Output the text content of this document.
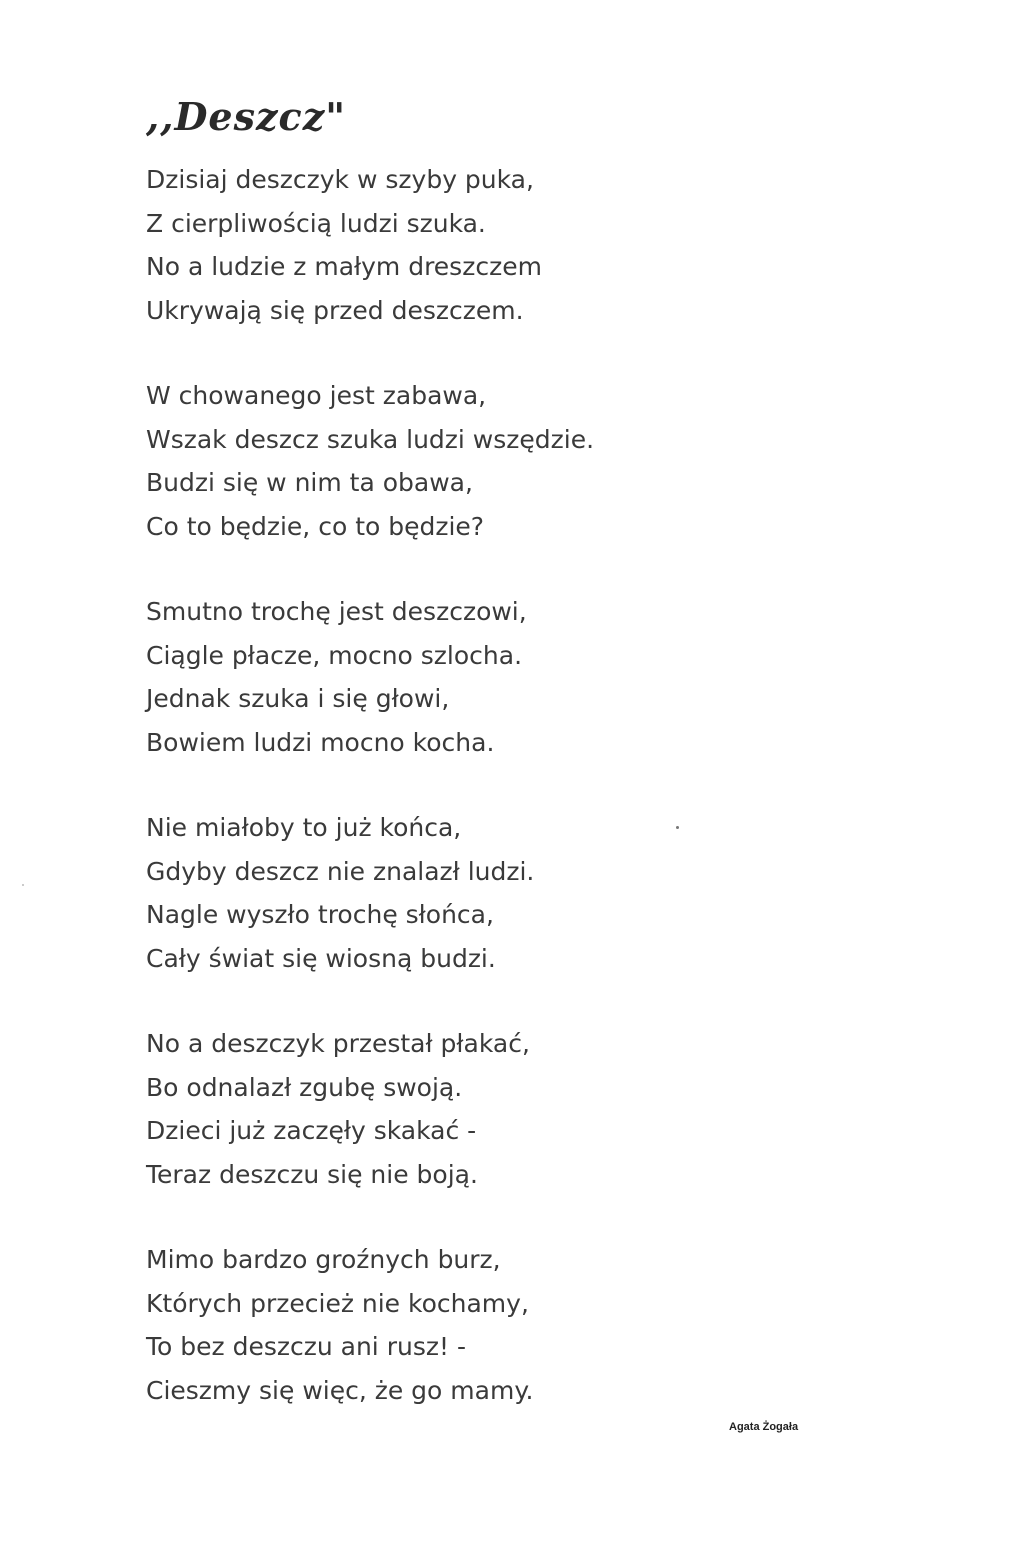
,,Deszcz"
Dzisiaj deszczyk w szyby puka,
Z cierpliwością ludzi szuka.
No a ludzie z małym dreszczem
Ukrywają się przed deszczem.
W chowanego jest zabawa,
Wszak deszcz szuka ludzi wszędzie.
Budzi się w nim ta obawa,
Co to będzie, co to będzie?
Smutno trochę jest deszczowi,
Ciągle płacze, mocno szlocha.
Jednak szuka i się głowi,
Bowiem ludzi mocno kocha.
Nie miałoby to już końca,
Gdyby deszcz nie znalazł ludzi.
Nagle wyszło trochę słońca,
Cały świat się wiosną budzi.
No a deszczyk przestał płakać,
Bo odnalazł zgubę swoją.
Dzieci już zaczęły skakać -
Teraz deszczu się nie boją.
Mimo bardzo groźnych burz,
Których przecież nie kochamy,
To bez deszczu ani rusz! -
Cieszmy się więc, że go mamy.
Agata Żogała
